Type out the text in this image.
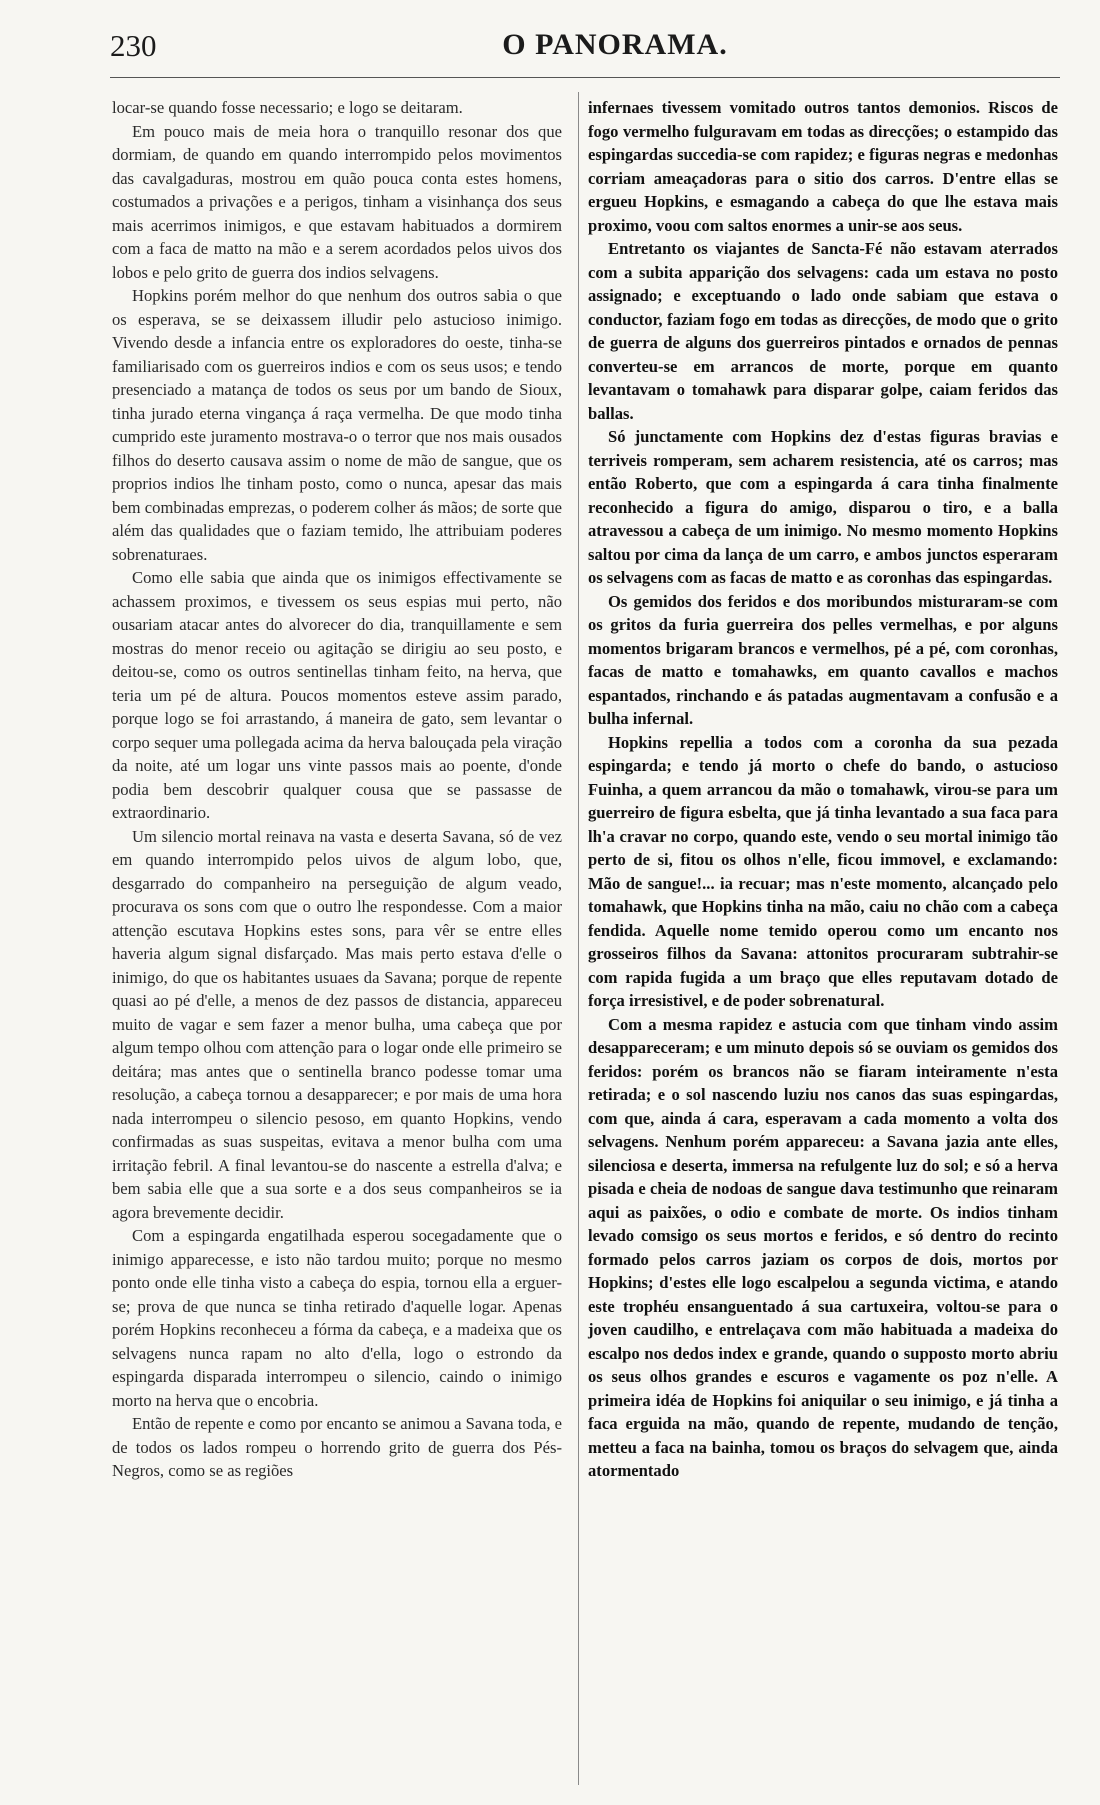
230	O PANORAMA.

locar-se quando fosse necessario; e logo se deitaram.

Em pouco mais de meia hora o tranquillo resonar dos que dormiam, de quando em quando interrompido pelos movimentos das cavalgaduras, mostrou em quão pouca conta estes homens, costumados a privações e a perigos, tinham a visinhança dos seus mais acerrimos inimigos, e que estavam habituados a dormirem com a faca de matto na mão e a serem acordados pelos uivos dos lobos e pelo grito de guerra dos indios selvagens.

Hopkins porém melhor do que nenhum dos outros sabia o que os esperava, se se deixassem illudir pelo astucioso inimigo. Vivendo desde a infancia entre os exploradores do oeste, tinha-se familiarisado com os guerreiros indios e com os seus usos; e tendo presenciado a matança de todos os seus por um bando de Sioux, tinha jurado eterna vingança á raça vermelha. De que modo tinha cumprido este juramento mostrava-o o terror que nos mais ousados filhos do deserto causava assim o nome de mão de sangue, que os proprios indios lhe tinham posto, como o nunca, apesar das mais bem combinadas emprezas, o poderem colher ás mãos; de sorte que além das qualidades que o faziam temido, lhe attribuiam poderes sobrenaturaes.

Como elle sabia que ainda que os inimigos effectivamente se achassem proximos, e tivessem os seus espias mui perto, não ousariam atacar antes do alvorecer do dia, tranquillamente e sem mostras do menor receio ou agitação se dirigiu ao seu posto, e deitou-se, como os outros sentinellas tinham feito, na herva, que teria um pé de altura. Poucos momentos esteve assim parado, porque logo se foi arrastando, á maneira de gato, sem levantar o corpo sequer uma pollegada acima da herva balouçada pela viração da noite, até um logar uns vinte passos mais ao poente, d'onde podia bem descobrir qualquer cousa que se passasse de extraordinario.

Um silencio mortal reinava na vasta e deserta Savana, só de vez em quando interrompido pelos uivos de algum lobo, que, desgarrado do companheiro na perseguição de algum veado, procurava os sons com que o outro lhe respondesse. Com a maior attenção escutava Hopkins estes sons, para vêr se entre elles haveria algum signal disfarçado. Mas mais perto estava d'elle o inimigo, do que os habitantes usuaes da Savana; porque de repente quasi ao pé d'elle, a menos de dez passos de distancia, appareceu muito de vagar e sem fazer a menor bulha, uma cabeça que por algum tempo olhou com attenção para o logar onde elle primeiro se deitára; mas antes que o sentinella branco podesse tomar uma resolução, a cabeça tornou a desapparecer; e por mais de uma hora nada interrompeu o silencio pesoso, em quanto Hopkins, vendo confirmadas as suas suspeitas, evitava a menor bulha com uma irritação febril. A final levantou-se do nascente a estrella d'alva; e bem sabia elle que a sua sorte e a dos seus companheiros se ia agora brevemente decidir.

Com a espingarda engatilhada esperou socegadamente que o inimigo apparecesse, e isto não tardou muito; porque no mesmo ponto onde elle tinha visto a cabeça do espia, tornou ella a erguer-se; prova de que nunca se tinha retirado d'aquelle logar. Apenas porém Hopkins reconheceu a fórma da cabeça, e a madeixa que os selvagens nunca rapam no alto d'ella, logo o estrondo da espingarda disparada interrompeu o silencio, caindo o inimigo morto na herva que o encobria.

Então de repente e como por encanto se animou a Savana toda, e de todos os lados rompeu o horrendo grito de guerra dos Pés-Negros, como se as regiões

infernaes tivessem vomitado outros tantos demonios. Riscos de fogo vermelho fulguravam em todas as direcções; o estampido das espingardas succedia-se com rapidez; e figuras negras e medonhas corriam ameaçadoras para o sitio dos carros. D'entre ellas se ergueu Hopkins, e esmagando a cabeça do que lhe estava mais proximo, voou com saltos enormes a unir-se aos seus.

Entretanto os viajantes de Sancta-Fé não estavam aterrados com a subita apparição dos selvagens: cada um estava no posto assignado; e exceptuando o lado onde sabiam que estava o conductor, faziam fogo em todas as direcções, de modo que o grito de guerra de alguns dos guerreiros pintados e ornados de pennas converteu-se em arrancos de morte, porque em quanto levantavam o tomahawk para disparar golpe, caiam feridos das ballas.

Só junctamente com Hopkins dez d'estas figuras bravias e terriveis romperam, sem acharem resistencia, até os carros; mas então Roberto, que com a espingarda á cara tinha finalmente reconhecido a figura do amigo, disparou o tiro, e a balla atravessou a cabeça de um inimigo. No mesmo momento Hopkins saltou por cima da lança de um carro, e ambos junctos esperaram os selvagens com as facas de matto e as coronhas das espingardas.

Os gemidos dos feridos e dos moribundos misturaram-se com os gritos da furia guerreira dos pelles vermelhas, e por alguns momentos brigaram brancos e vermelhos, pé a pé, com coronhas, facas de matto e tomahawks, em quanto cavallos e machos espantados, rinchando e ás patadas augmentavam a confusão e a bulha infernal.

Hopkins repellia a todos com a coronha da sua pezada espingarda; e tendo já morto o chefe do bando, o astucioso Fuinha, a quem arrancou da mão o tomahawk, virou-se para um guerreiro de figura esbelta, que já tinha levantado a sua faca para lh'a cravar no corpo, quando este, vendo o seu mortal inimigo tão perto de si, fitou os olhos n'elle, ficou immovel, e exclamando: Mão de sangue!... ia recuar; mas n'este momento, alcançado pelo tomahawk, que Hopkins tinha na mão, caiu no chão com a cabeça fendida. Aquelle nome temido operou como um encanto nos grosseiros filhos da Savana: attonitos procuraram subtrahir-se com rapida fugida a um braço que elles reputavam dotado de força irresistivel, e de poder sobrenatural.

Com a mesma rapidez e astucia com que tinham vindo assim desappareceram; e um minuto depois só se ouviam os gemidos dos feridos: porém os brancos não se fiaram inteiramente n'esta retirada; e o sol nascendo luziu nos canos das suas espingardas, com que, ainda á cara, esperavam a cada momento a volta dos selvagens. Nenhum porém appareceu: a Savana jazia ante elles, silenciosa e deserta, immersa na refulgente luz do sol; e só a herva pisada e cheia de nodoas de sangue dava testimunho que reinaram aqui as paixões, o odio e combate de morte. Os indios tinham levado comsigo os seus mortos e feridos, e só dentro do recinto formado pelos carros jaziam os corpos de dois, mortos por Hopkins; d'estes elle logo escalpelou a segunda victima, e atando este trophéu ensanguentado á sua cartuxeira, voltou-se para o joven caudilho, e entrelaçava com mão habituada a madeixa do escalpo nos dedos index e grande, quando o supposto morto abriu os seus olhos grandes e escuros e vagamente os poz n'elle. A primeira idéa de Hopkins foi aniquilar o seu inimigo, e já tinha a faca erguida na mão, quando de repente, mudando de tenção, metteu a faca na bainha, tomou os braços do selvagem que, ainda atormentado
